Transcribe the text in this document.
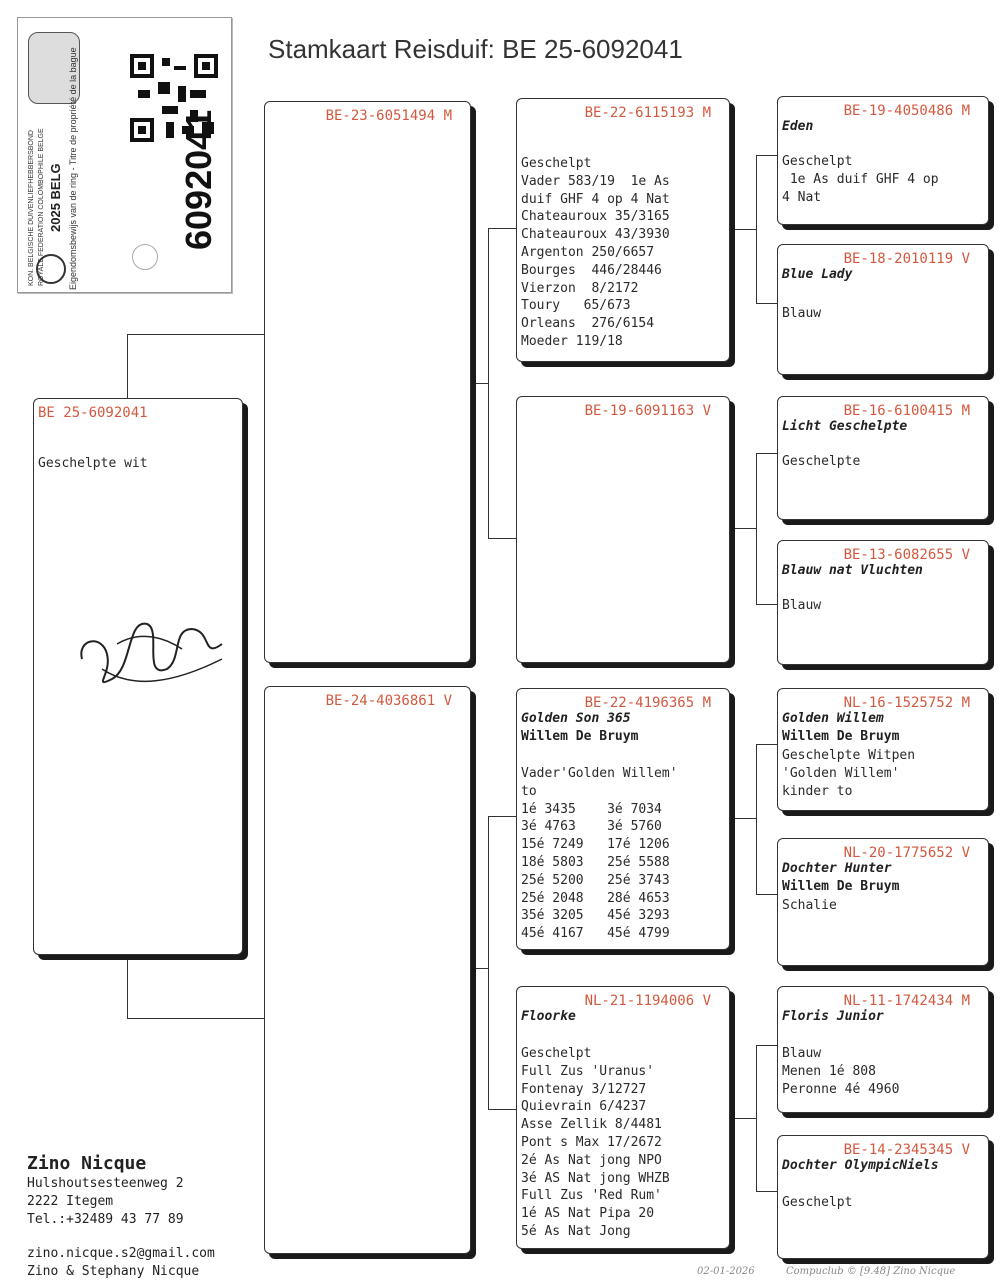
Stamkaart Reisduif: BE 25-6092041
6092041
2025 BELG
KON. BELGISCHE DUIVENLIEFHEBBERSBOND ROYALE FEDERATION COLOMBOPHILE BELGE	Eigendomsbewijs van de ring - Titre de propriété de la bague
BE 25-6092041
Geschelpte wit
BE-23-6051494 M
BE-24-4036861 V
BE-22-6115193 M
Geschelpt
Vader 583/19  1e As
duif GHF 4 op 4 Nat
Chateauroux 35/3165
Chateauroux 43/3930
Argenton 250/6657
Bourges  446/28446
Vierzon  8/2172
Toury   65/673
Orleans  276/6154
Moeder 119/18
BE-19-6091163 V
BE-22-4196365 M
Golden Son 365
Willem De Bruym
Vader'Golden Willem'
to
1é 3435    3é 7034
3é 4763    3é 5760
15é 7249   17é 1206
18é 5803   25é 5588
25é 5200   25é 3743
25é 2048   28é 4653
35é 3205   45é 3293
45é 4167   45é 4799
NL-21-1194006 V
Floorke
Geschelpt
Full Zus 'Uranus'
Fontenay 3/12727
Quievrain 6/4237
Asse Zellik 8/4481
Pont s Max 17/2672
2é As Nat jong NPO
3é AS Nat jong WHZB
Full Zus 'Red Rum'
1é AS Nat Pipa 20
5é As Nat Jong
BE-19-4050486 M
Eden
Geschelpt
1e As duif GHF 4 op
4 Nat
BE-18-2010119 V
Blue Lady
Blauw
BE-16-6100415 M
Licht Geschelpte
Geschelpte
BE-13-6082655 V
Blauw nat Vluchten
Blauw
NL-16-1525752 M
Golden Willem
Willem De Bruym
Geschelpte Witpen
'Golden Willem'
kinder to
NL-20-1775652 V
Dochter Hunter
Willem De Bruym
Schalie
NL-11-1742434 M
Floris Junior
Blauw
Menen 1é 808
Peronne 4é 4960
BE-14-2345345 V
Dochter OlympicNiels
Geschelpt
Zino Nicque
Hulshoutsesteenweg 2
2222 Itegem
Tel.:+32489 43 77 89
zino.nicque.s2@gmail.com
Zino & Stephany Nicque	02-01-2026	Compuclub © [9.48] Zino Nicque
